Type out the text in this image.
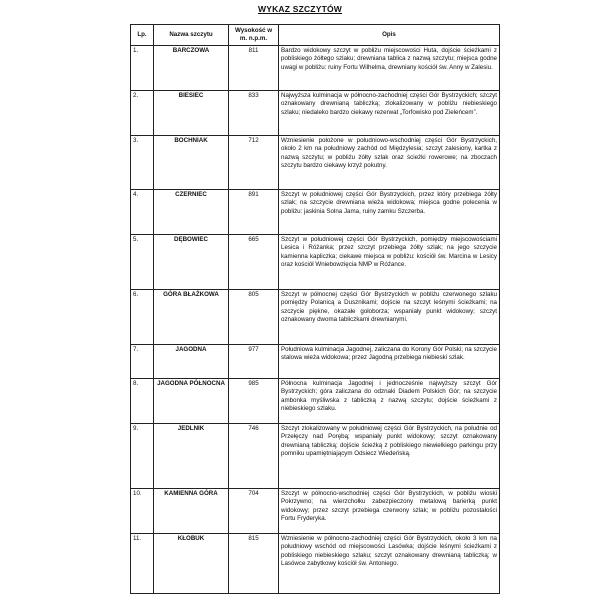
WYKAZ SZCZYTÓW
Lp.	Nazwa szczytu	Wysokość w m. n.p.m.	Opis
1.	BARCZOWA	811	Bardzo widokowy szczyt w pobliżu miejscowości Huta, dojście ścieżkami z pobliskiego żółtego szlaku; drewniana tablica z nazwą szczytu; miejsca godne uwagi w pobliżu: ruiny Fortu Wilhelma, drewniany kościół św. Anny w Zalesiu.
2.	BIESIEC	833	Najwyższa kulminacja w północno-zachodniej części Gór Bystrzyckich; szczyt oznakowany drewnianą tabliczką; zlokalizowany w pobliżu niebieskiego szlaku; niedaleko bardzo ciekawy rezerwat „Torfowisko pod Zieleńcem”.
3.	BOCHNIAK	712	Wzniesienie położone w południowo-wschodniej części Gór Bystrzyckich, około 2 km na południowy zachód od Międzylesia; szczyt zalesiony, kartka z nazwą szczytu; w pobliżu żółty szlak oraz ścieżki rowerowe; na zboczach szczytu bardzo ciekawy krzyż pokutny.
4.	CZERNIEC	891	Szczyt w południowej części Gór Bystrzyckich, przez który przebiega żółty szlak; na szczycie drewniana wieża widokowa; miejsca godne polecenia w pobliżu: jaskinia Solna Jama, ruiny zamku Szczerba.
5.	DĘBOWIEC	665	Szczyt w południowej części Gór Bystrzyckich, pomiędzy miejscowościami Lesica i Różanka; przez szczyt przebiega żółty szlak; na jego szczycie kamienna kapliczka; ciekawe miejsca w pobliżu: kościół św. Marcina w Lesicy oraz kościół Wniebowzięcia NMP w Różance.
6.	GÓRA BŁAŻKOWA	805	Szczyt w północnej części Gór Bystrzyckich w pobliżu czerwonego szlaku pomiędzy Polanicą a Dusznikami; dojście na szczyt leśnymi ścieżkami; na szczycie piękne, okazałe gołoborza; wspaniały punkt widokowy; szczyt oznakowany dwoma tabliczkami drewnianymi.
7.	JAGODNA	977	Południowa kulminacja Jagodnej, zaliczana do Korony Gór Polski; na szczycie stalowa wieża widokowa; przez Jagodną przebiega niebieski szlak.
8.	JAGODNA PÓŁNOCNA	985	Północna kulminacja Jagodnej i jednocześnie najwyższy szczyt Gór Bystrzyckich; góra zaliczana do odznaki Diadem Polskich Gór; na szczycie ambonka myśliwska z tabliczką z nazwą szczytu; dojście ścieżkami z niebieskiego szlaku.
9.	JEDLNIK	746	Szczyt zlokalizowany w południowej części Gór Bystrzyckich, na południe od Przełęczy nad Porębą; wspaniały punkt widokowy; szczyt oznakowany drewnianą tabliczką; dojście ścieżką z pobliskiego niewielkiego parkingu przy pomniku upamiętniającym Odsiecz Wiedeńską.
10.	KAMIENNA GÓRA	704	Szczyt w północno-wschodniej części Gór Bystrzyckich, w pobliżu wioski Pokrzywno; na wierzchołku zabezpieczony metalową barierką punkt widokowy; przez szczyt przebiega czerwony szlak; w pobliżu pozostałości Fortu Fryderyka.
11.	KŁOBUK	815	Wzniesienie w północno-zachodniej części Gór Bystrzyckich, około 3 km na południowy wschód od miejscowości Lasówka; dojście leśnymi ścieżkami z pobliskiego niebieskiego szlaku; szczyt oznakowany drewnianą tabliczką; w Lasówce zabytkowy kościół św. Antoniego.
